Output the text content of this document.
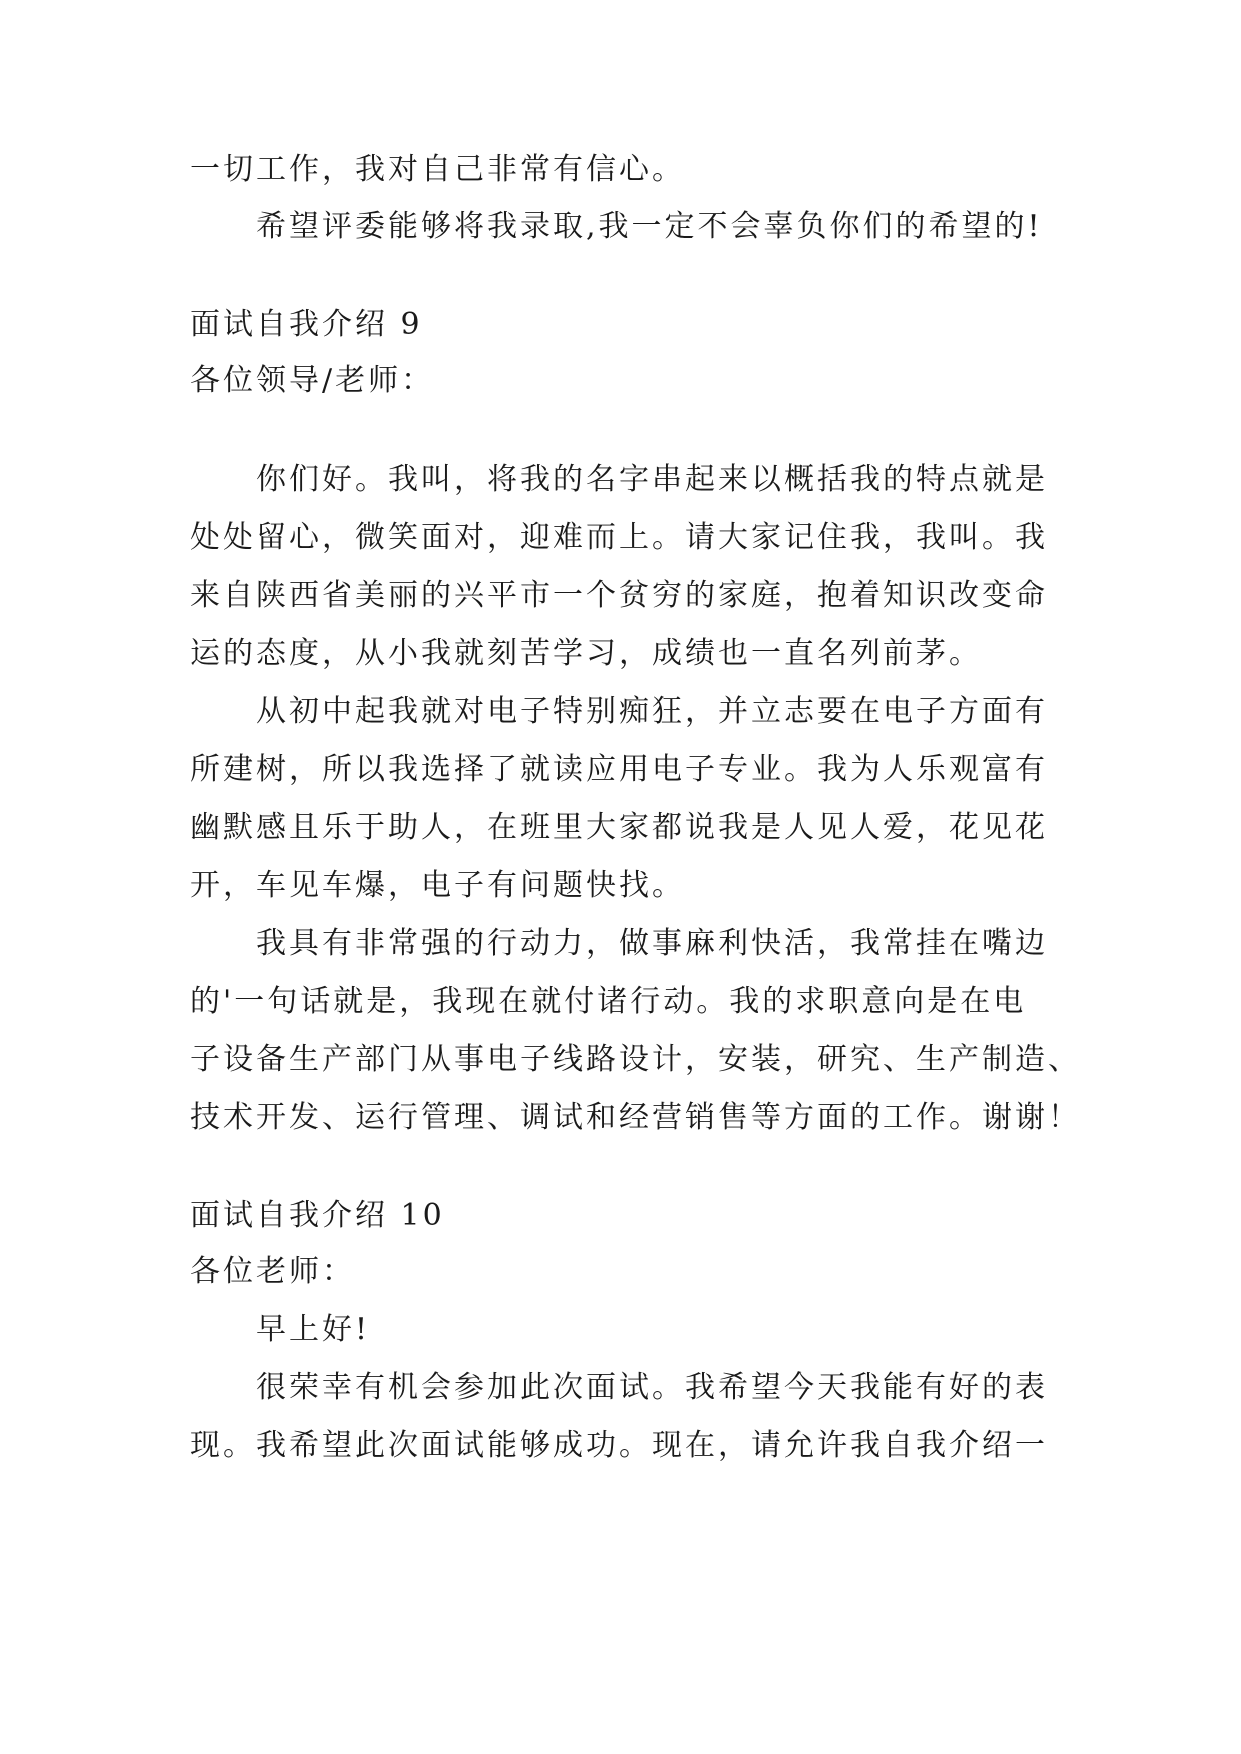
一切工作，我对自己非常有信心。
希望评委能够将我录取,我一定不会辜负你们的希望的!
面试自我介绍 9
各位领导/老师：
你们好。我叫，将我的名字串起来以概括我的特点就是
处处留心，微笑面对，迎难而上。请大家记住我，我叫。我
来自陕西省美丽的兴平市一个贫穷的家庭，抱着知识改变命
运的态度，从小我就刻苦学习，成绩也一直名列前茅。
从初中起我就对电子特别痴狂，并立志要在电子方面有
所建树，所以我选择了就读应用电子专业。我为人乐观富有
幽默感且乐于助人，在班里大家都说我是人见人爱，花见花
开，车见车爆，电子有问题快找。
我具有非常强的行动力，做事麻利快活，我常挂在嘴边
的'一句话就是，我现在就付诸行动。我的求职意向是在电
子设备生产部门从事电子线路设计，安装，研究、生产制造、
技术开发、运行管理、调试和经营销售等方面的工作。谢谢！
面试自我介绍 10
各位老师：
早上好!
很荣幸有机会参加此次面试。我希望今天我能有好的表
现。我希望此次面试能够成功。现在，请允许我自我介绍一
